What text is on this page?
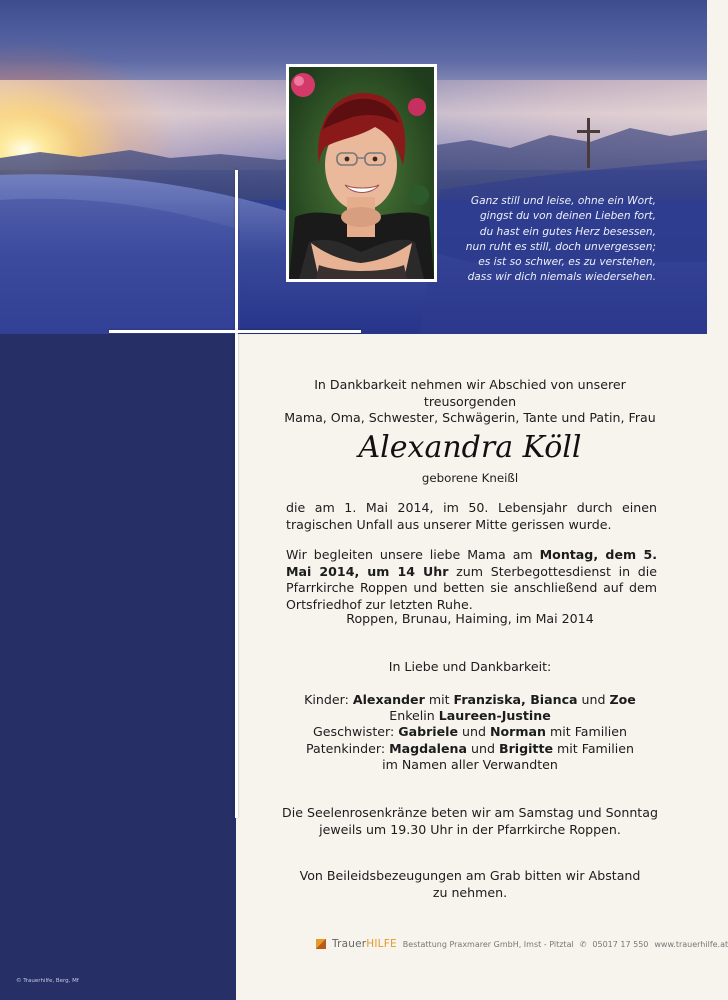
Ganz still und leise, ohne ein Wort,
gingst du von deinen Lieben fort,
du hast ein gutes Herz besessen,
nun ruht es still, doch unvergessen;
es ist so schwer, es zu verstehen,
dass wir dich niemals wiedersehen.
In Dankbarkeit nehmen wir Abschied von unserer treusorgenden
Mama, Oma, Schwester, Schwägerin, Tante und Patin, Frau
Alexandra Köll
geborene Kneißl
die am 1. Mai 2014, im 50. Lebensjahr durch einen tragischen Unfall aus unserer Mitte gerissen wurde.
Wir begleiten unsere liebe Mama am Montag, dem 5. Mai 2014, um 14 Uhr zum Sterbegottesdienst in die Pfarrkirche Roppen und betten sie anschließend auf dem Ortsfriedhof zur letzten Ruhe.
Roppen, Brunau, Haiming, im Mai 2014
In Liebe und Dankbarkeit:
Kinder: Alexander mit Franziska, Bianca und Zoe
Enkelin Laureen-Justine
Geschwister: Gabriele und Norman mit Familien
Patenkinder: Magdalena und Brigitte mit Familien
im Namen aller Verwandten
Die Seelenrosenkränze beten wir am Samstag und Sonntag
jeweils um 19.30 Uhr in der Pfarrkirche Roppen.
Von Beileidsbezeugungen am Grab bitten wir Abstand
zu nehmen.
TrauerHILFE Bestattung Praxmarer GmbH, Imst - Pitztal ✆ 05017 17 550 www.trauerhilfe.at
© Trauerhilfe, Berg, Mf
